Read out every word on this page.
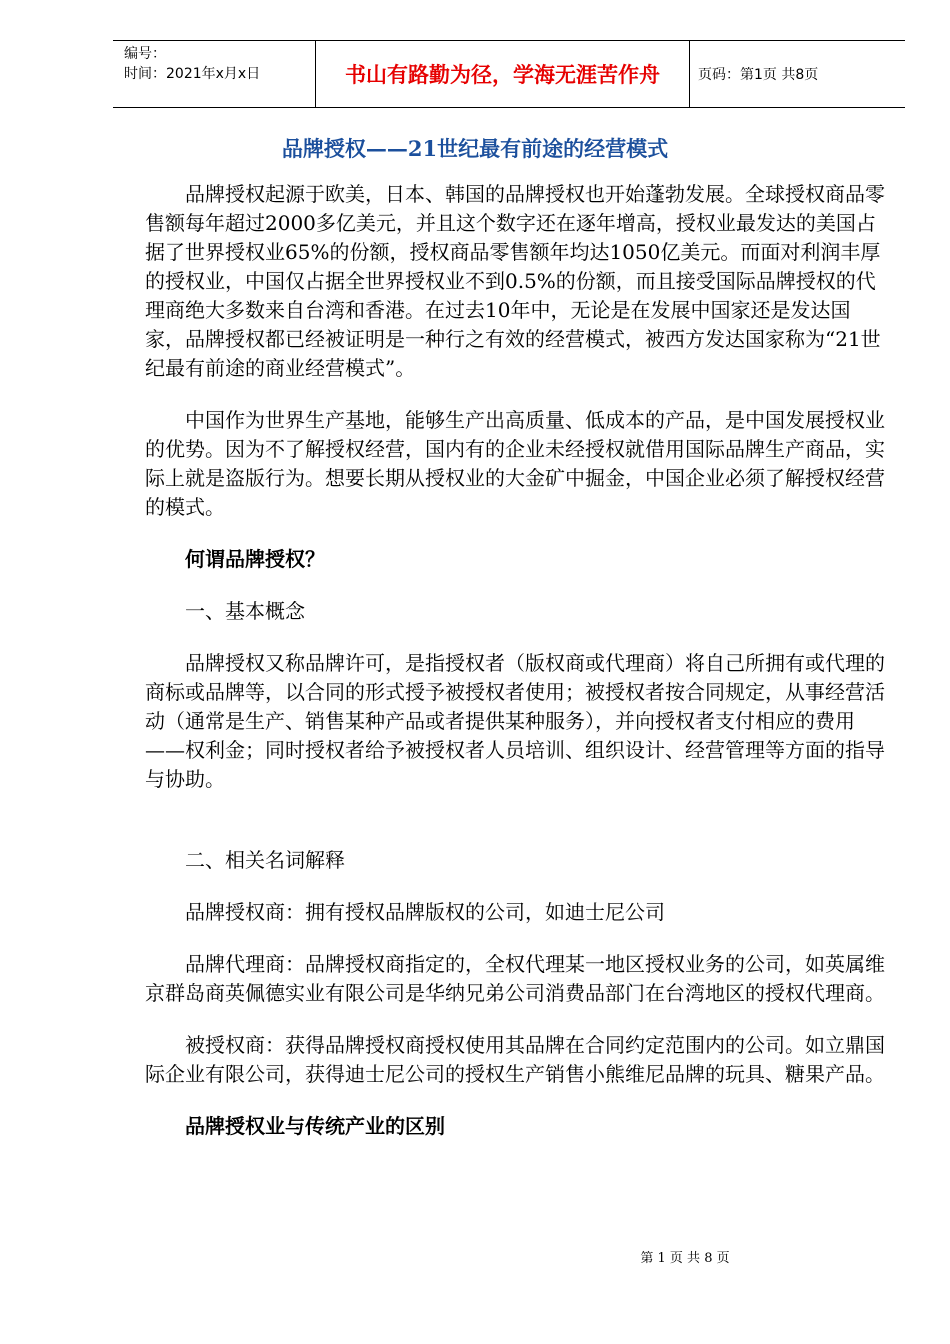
编号：
时间：2021年x月x日	书山有路勤为径，学海无涯苦作舟	页码：第1页 共8页
品牌授权——21世纪最有前途的经营模式

品牌授权起源于欧美，日本、韩国的品牌授权也开始蓬勃发展。全球授权商品零售额每年超过2000多亿美元，并且这个数字还在逐年增高，授权业最发达的美国占据了世界授权业65%的份额，授权商品零售额年均达1050亿美元。而面对利润丰厚的授权业，中国仅占据全世界授权业不到0.5%的份额，而且接受国际品牌授权的代理商绝大多数来自台湾和香港。在过去10年中，无论是在发展中国家还是发达国家，品牌授权都已经被证明是一种行之有效的经营模式，被西方发达国家称为“21世纪最有前途的商业经营模式”。

中国作为世界生产基地，能够生产出高质量、低成本的产品，是中国发展授权业的优势。因为不了解授权经营，国内有的企业未经授权就借用国际品牌生产商品，实际上就是盗版行为。想要长期从授权业的大金矿中掘金，中国企业必须了解授权经营的模式。

何谓品牌授权？

一、基本概念

品牌授权又称品牌许可，是指授权者（版权商或代理商）将自己所拥有或代理的商标或品牌等，以合同的形式授予被授权者使用；被授权者按合同规定，从事经营活动（通常是生产、销售某种产品或者提供某种服务），并向授权者支付相应的费用——权利金；同时授权者给予被授权者人员培训、组织设计、经营管理等方面的指导与协助。

二、相关名词解释

品牌授权商：拥有授权品牌版权的公司，如迪士尼公司

品牌代理商：品牌授权商指定的，全权代理某一地区授权业务的公司，如英属维京群岛商英佩德实业有限公司是华纳兄弟公司消费品部门在台湾地区的授权代理商。

被授权商：获得品牌授权商授权使用其品牌在合同约定范围内的公司。如立鼎国际企业有限公司，获得迪士尼公司的授权生产销售小熊维尼品牌的玩具、糖果产品。

品牌授权业与传统产业的区别

第 1 页 共 8 页
